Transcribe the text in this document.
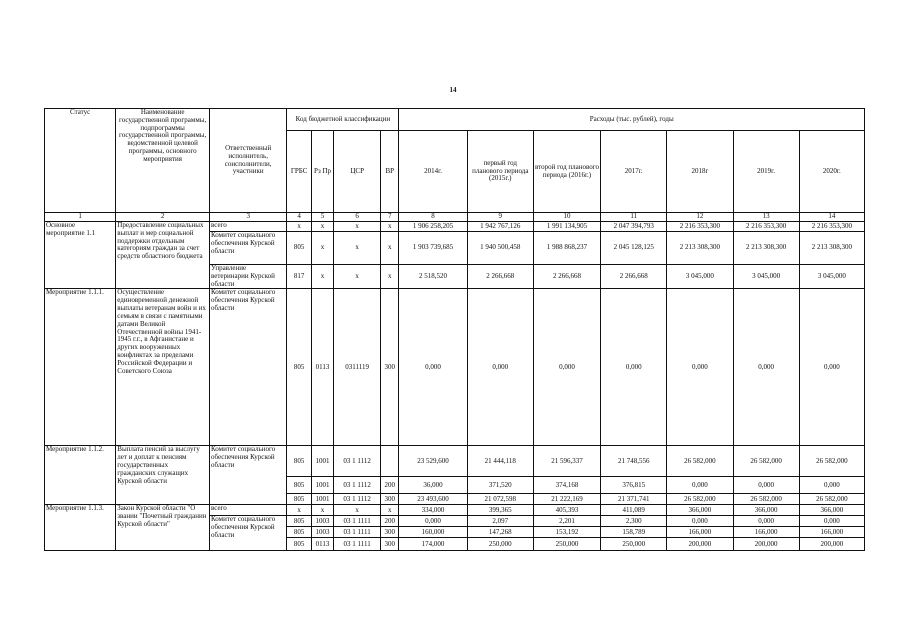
14
Статус	Наименование государственной программы, подпрограммы государственной программы, ведомственной целевой программы, основного мероприятия	Ответственный исполнитель, соисполнители, участники	Код бюджетной классификации				Расходы (тыс. рублей), годы						
			ГРБС	Рз Пр	ЦСР	ВР	2014г.	первый год планового периода (2015г.)	второй год планового периода (2016г.)	2017г.	2018г	2019г.	2020г.
1	2	3	4	5	6	7	8	9	10	11	12	13	14
Основное мероприятие 1.1	Предоставление социальных выплат и мер социальной поддержки отдельным категориям граждан за счет средств областного бюджета	всего	х	х	х	х	1 906 258,205	1 942 767,126	1 991 134,905	2 047 394,793	2 216 353,300	2 216 353,300	2 216 353,300
		Комитет социального обеспечения Курской области	805	х	х	х	1 903 739,685	1 940 500,458	1 988 868,237	2 045 128,125	2 213 308,300	2 213 308,300	2 213 308,300
		Управление ветеринарии Курской области	817	х	х	х	2 518,520	2 266,668	2 266,668	2 266,668	3 045,000	3 045,000	3 045,000
Мероприятие 1.1.1.	Осуществление единовременной денежной выплаты ветеранам войн и их семьям в связи с памятными датами Великой Отечественной войны 1941-1945 г.г., в Афганистане и других вооруженных конфликтах за пределами Российской Федерации и Советского Союза	Комитет социального обеспечения Курской области	805	0113	0311119	300	0,000	0,000	0,000	0,000	0,000	0,000	0,000
Мероприятие 1.1.2.	Выплата пенсий за выслугу лет и доплат к пенсиям государственных гражданских служащих Курской области	Комитет социального обеспечения Курской области	805	1001	03 1 1112		23 529,600	21 444,118	21 596,337	21 748,556	26 582,000	26 582,000	26 582,000
			805	1001	03 1 1112	200	36,000	371,520	374,168	376,815	0,000	0,000	0,000
			805	1001	03 1 1112	300	23 493,600	21 072,598	21 222,169	21 371,741	26 582,000	26 582,000	26 582,000
Мероприятие 1.1.3.	Закон Курской области "О звании "Почетный гражданин Курской области"	всего	х	х	х	х	334,000	399,365	405,393	411,089	366,000	366,000	366,000
		Комитет социального обеспечения Курской области	805	1003	03 1 1111	200	0,000	2,097	2,201	2,300	0,000	0,000	0,000
			805	1003	03 1 1111	300	160,000	147,268	153,192	158,789	166,000	166,000	166,000
			805	0113	03 1 1111	300	174,000	250,000	250,000	250,000	200,000	200,000	200,000
